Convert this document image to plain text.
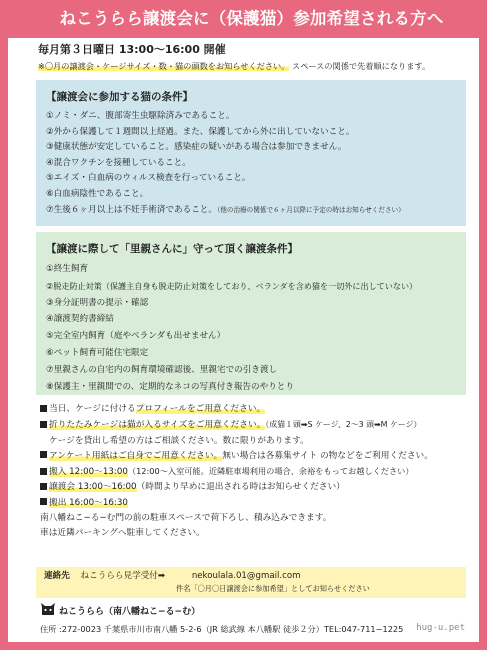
ねこうらら譲渡会に（保護猫）参加希望される方へ
毎月第３日曜日 13:00〜16:00 開催
※〇月の譲渡会・ケージサイズ・数・猫の頭数をお知らせください。 スペースの関係で先着順になります。
【譲渡会に参加する猫の条件】
①ノミ・ダニ、腹部寄生虫駆除済みであること。
②外から保護して１週間以上経過。また、保護してから外に出していないこと。
③健康状態が安定していること。感染症の疑いがある場合は参加できません。
④混合ワクチンを接種していること。
⑤エイズ・白血病のウィルス検査を行っていること。
⑥白血病陰性であること。
⑦生後６ヶ月以上は不妊手術済であること。（他の治療の関係で６ヶ月以降に予定の時はお知らせください）
【譲渡に際して「里親さんに」守って頂く譲渡条件】
①終生飼育
②脱走防止対策（保護主自身も脱走防止対策をしており、ベランダを含め猫を一切外に出していない）
③身分証明書の提示・確認
④譲渡契約書締結
⑤完全室内飼育（庭やベランダも出せません）
⑥ペット飼育可能住宅限定
⑦里親さんの自宅内の飼育環境確認後、里親宅での引き渡し
⑧保護主・里親間での、定期的なネコの写真付き報告のやりとり
当日、ケージに付けるプロフィールをご用意ください。
折りたたみケージは猫が入るサイズをご用意ください。（成猫１頭➡S ケージ、2〜3 頭➡M ケージ）
ケージを貸出し希望の方はご相談ください。数に限りがあります。
アンケート用紙はご自身でご用意ください。無い場合は各募集サイト の物などをご利用ください。
搬入 12:00〜13:00（12:00〜入室可能。近隣駐車場利用の場合、余裕をもってお越しください）
譲渡会 13:00〜16:00（時間より早めに退出される時はお知らせください）
搬出 16:00〜16:30
南八幡ねこ−る−む門の前の駐車スペースで荷下ろし、積み込みできます。
車は近隣パーキングへ駐車してください。
連絡先 ねこうらら見学受付➡	nekoulala.01@gmail.com
件名「〇月〇日譲渡会に参加希望」としてお知らせください
ねこうらら（南八幡ねこ−る−む）
住所 :272-0023 千葉県市川市南八幡 5-2-6（JR 総武線 本八幡駅 徒歩２分）TEL:047-711−1225	hug-u.pet
